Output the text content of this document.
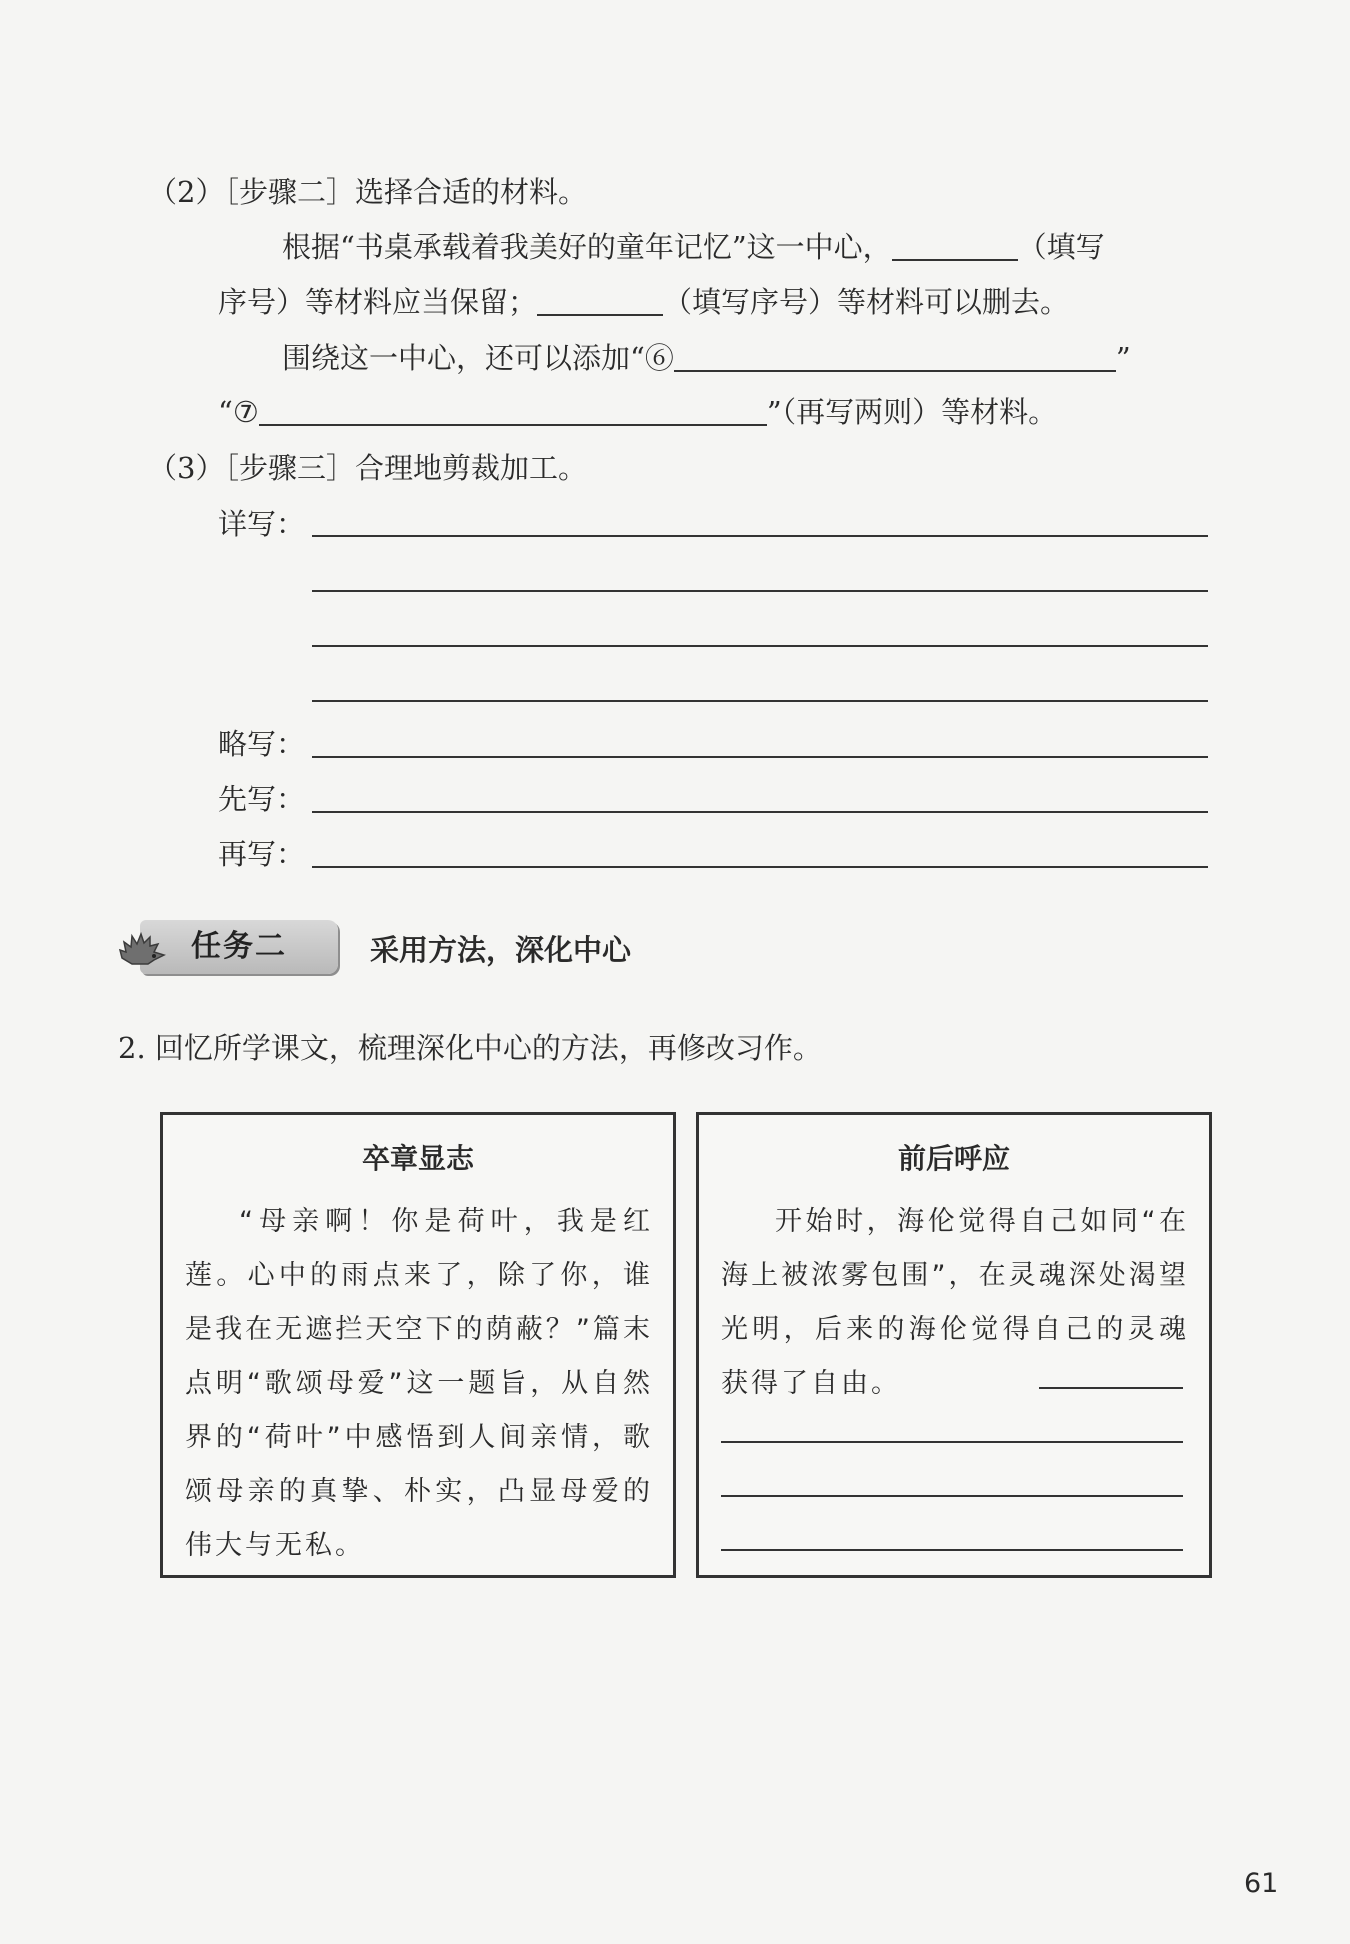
（2）［步骤二］选择合适的材料。
根据“书桌承载着我美好的童年记忆”这一中心，	（填写
序号）等材料应当保留；	（填写序号）等材料可以删去。
围绕这一中心，还可以添加“⑥	”
“⑦	”（再写两则）等材料。
（3）［步骤三］合理地剪裁加工。
详写：
略写：
先写：
再写：
任务二	采用方法，深化中心
2. 回忆所学课文，梳理深化中心的方法，再修改习作。
卒章显志
“母亲啊！你是荷叶，我是红莲。心中的雨点来了，除了你，谁是我在无遮拦天空下的荫蔽？”篇末点明“歌颂母爱”这一题旨，从自然界的“荷叶”中感悟到人间亲情，歌颂母亲的真挚、朴实，凸显母爱的伟大与无私。
前后呼应
开始时，海伦觉得自己如同“在海上被浓雾包围”，在灵魂深处渴望光明，后来的海伦觉得自己的灵魂获得了自由。
61
